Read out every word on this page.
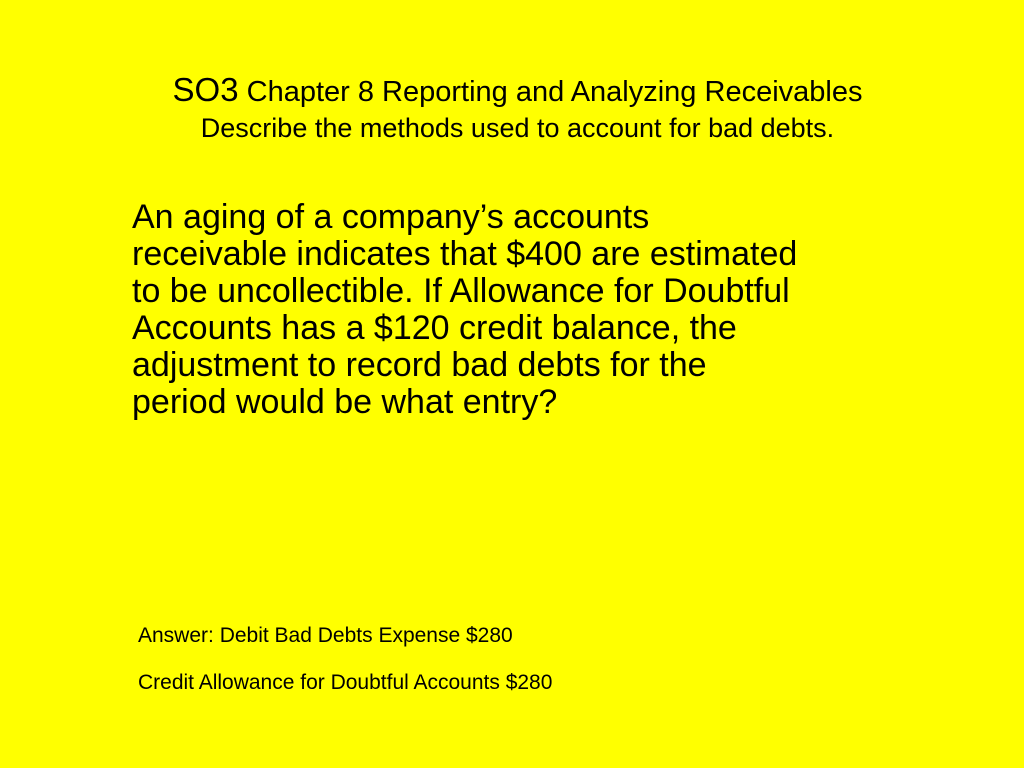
SO3 Chapter 8 Reporting and Analyzing Receivables
Describe the methods used to account for bad debts.
An aging of a company’s accounts
receivable indicates that $400 are estimated
to be uncollectible. If Allowance for Doubtful
Accounts has a $120 credit balance, the
adjustment to record bad debts for the
period would be what entry?
Answer: Debit Bad Debts Expense $280
Credit Allowance for Doubtful Accounts $280
